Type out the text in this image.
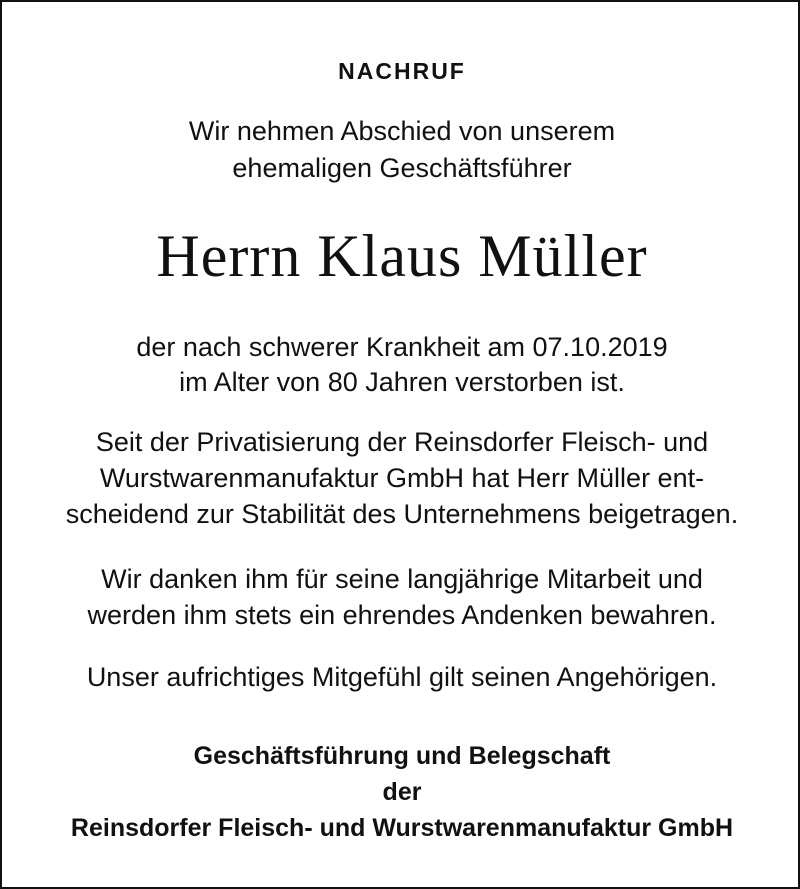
NACHRUF
Wir nehmen Abschied von unserem
ehemaligen Geschäftsführer
Herrn Klaus Müller
der nach schwerer Krankheit am 07.10.2019
im Alter von 80 Jahren verstorben ist.
Seit der Privatisierung der Reinsdorfer Fleisch- und
Wurstwarenmanufaktur GmbH hat Herr Müller ent-
scheidend zur Stabilität des Unternehmens beigetragen.
Wir danken ihm für seine langjährige Mitarbeit und
werden ihm stets ein ehrendes Andenken bewahren.
Unser aufrichtiges Mitgefühl gilt seinen Angehörigen.
Geschäftsführung und Belegschaft
der
Reinsdorfer Fleisch- und Wurstwarenmanufaktur GmbH
